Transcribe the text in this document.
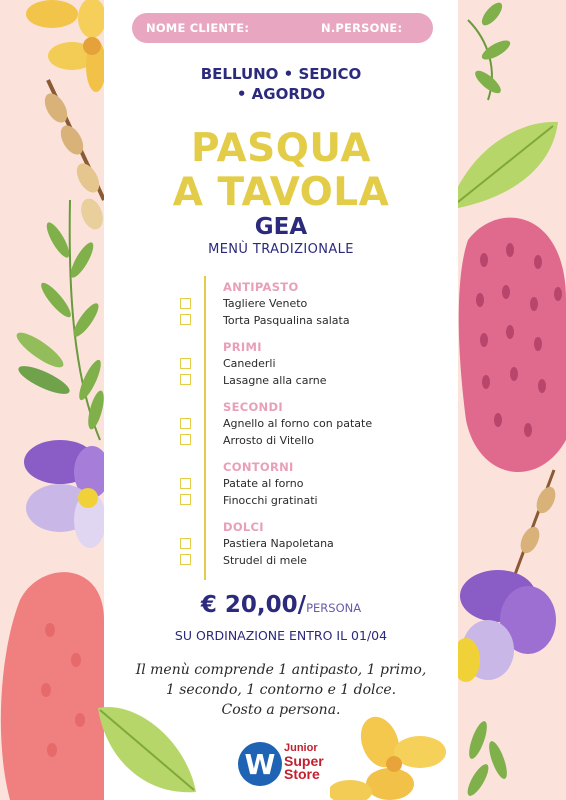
NOME CLIENTE:	N.PERSONE:
BELLUNO • SEDICO
• AGORDO
PASQUA
A TAVOLA
GEA
MENÙ TRADIZIONALE
ANTIPASTO
Tagliere Veneto
Torta Pasqualina salata
PRIMI
Canederli
Lasagne alla carne
SECONDI
Agnello al forno con patate
Arrosto di Vitello
CONTORNI
Patate al forno
Finocchi gratinati
DOLCI
Pastiera Napoletana
Strudel di mele
€ 20,00/PERSONA
SU ORDINAZIONE ENTRO IL 01/04
Il menù comprende 1 antipasto, 1 primo,
1 secondo, 1 contorno e 1 dolce.
Costo a persona.
W Junior
Super
Store
